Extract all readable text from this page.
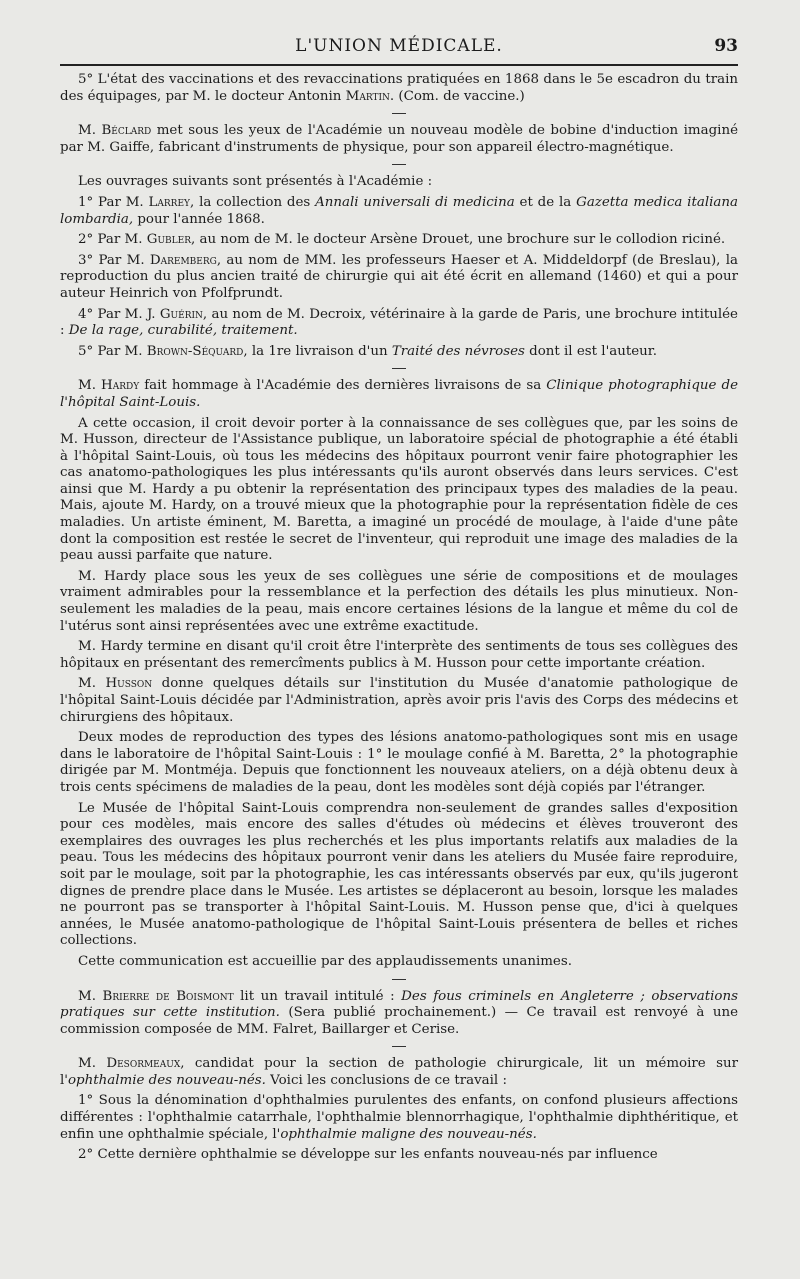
L'UNION MÉDICALE.	93

5° L'état des vaccinations et des revaccinations pratiquées en 1868 dans le 5e escadron du train des équipages, par M. le docteur Antonin Martin. (Com. de vaccine.)

M. Béclard met sous les yeux de l'Académie un nouveau modèle de bobine d'induction imaginé par M. Gaiffe, fabricant d'instruments de physique, pour son appareil électro-magnétique.

Les ouvrages suivants sont présentés à l'Académie :

1° Par M. Larrey, la collection des Annali universali di medicina et de la Gazetta medica italiana lombardia, pour l'année 1868.

2° Par M. Gubler, au nom de M. le docteur Arsène Drouet, une brochure sur le collodion riciné.

3° Par M. Daremberg, au nom de MM. les professeurs Haeser et A. Middeldorpf (de Breslau), la reproduction du plus ancien traité de chirurgie qui ait été écrit en allemand (1460) et qui a pour auteur Heinrich von Pfolfprundt.

4° Par M. J. Guérin, au nom de M. Decroix, vétérinaire à la garde de Paris, une brochure intitulée : De la rage, curabilité, traitement.

5° Par M. Brown-Séquard, la 1re livraison d'un Traité des névroses dont il est l'auteur.

M. Hardy fait hommage à l'Académie des dernières livraisons de sa Clinique photographique de l'hôpital Saint-Louis.

A cette occasion, il croit devoir porter à la connaissance de ses collègues que, par les soins de M. Husson, directeur de l'Assistance publique, un laboratoire spécial de photographie a été établi à l'hôpital Saint-Louis, où tous les médecins des hôpitaux pourront venir faire photographier les cas anatomo-pathologiques les plus intéressants qu'ils auront observés dans leurs services. C'est ainsi que M. Hardy a pu obtenir la représentation des principaux types des maladies de la peau. Mais, ajoute M. Hardy, on a trouvé mieux que la photographie pour la représentation fidèle de ces maladies. Un artiste éminent, M. Baretta, a imaginé un procédé de moulage, à l'aide d'une pâte dont la composition est restée le secret de l'inventeur, qui reproduit une image des maladies de la peau aussi parfaite que nature.

M. Hardy place sous les yeux de ses collègues une série de compositions et de moulages vraiment admirables pour la ressemblance et la perfection des détails les plus minutieux. Non-seulement les maladies de la peau, mais encore certaines lésions de la langue et même du col de l'utérus sont ainsi représentées avec une extrême exactitude.

M. Hardy termine en disant qu'il croit être l'interprète des sentiments de tous ses collègues des hôpitaux en présentant des remercîments publics à M. Husson pour cette importante création.

M. Husson donne quelques détails sur l'institution du Musée d'anatomie pathologique de l'hôpital Saint-Louis décidée par l'Administration, après avoir pris l'avis des Corps des médecins et chirurgiens des hôpitaux.

Deux modes de reproduction des types des lésions anatomo-pathologiques sont mis en usage dans le laboratoire de l'hôpital Saint-Louis : 1° le moulage confié à M. Baretta, 2° la photographie dirigée par M. Montméja. Depuis que fonctionnent les nouveaux ateliers, on a déjà obtenu deux à trois cents spécimens de maladies de la peau, dont les modèles sont déjà copiés par l'étranger.

Le Musée de l'hôpital Saint-Louis comprendra non-seulement de grandes salles d'exposition pour ces modèles, mais encore des salles d'études où médecins et élèves trouveront des exemplaires des ouvrages les plus recherchés et les plus importants relatifs aux maladies de la peau. Tous les médecins des hôpitaux pourront venir dans les ateliers du Musée faire reproduire, soit par le moulage, soit par la photographie, les cas intéressants observés par eux, qu'ils jugeront dignes de prendre place dans le Musée. Les artistes se déplaceront au besoin, lorsque les malades ne pourront pas se transporter à l'hôpital Saint-Louis. M. Husson pense que, d'ici à quelques années, le Musée anatomo-pathologique de l'hôpital Saint-Louis présentera de belles et riches collections.

Cette communication est accueillie par des applaudissements unanimes.

M. Brierre de Boismont lit un travail intitulé : Des fous criminels en Angleterre ; observations pratiques sur cette institution. (Sera publié prochainement.) — Ce travail est renvoyé à une commission composée de MM. Falret, Baillarger et Cerise.

M. Desormeaux, candidat pour la section de pathologie chirurgicale, lit un mémoire sur l'ophthalmie des nouveau-nés. Voici les conclusions de ce travail :

1° Sous la dénomination d'ophthalmies purulentes des enfants, on confond plusieurs affections différentes : l'ophthalmie catarrhale, l'ophthalmie blennorrhagique, l'ophthalmie diphthéritique, et enfin une ophthalmie spéciale, l'ophthalmie maligne des nouveau-nés.

2° Cette dernière ophthalmie se développe sur les enfants nouveau-nés par influence
